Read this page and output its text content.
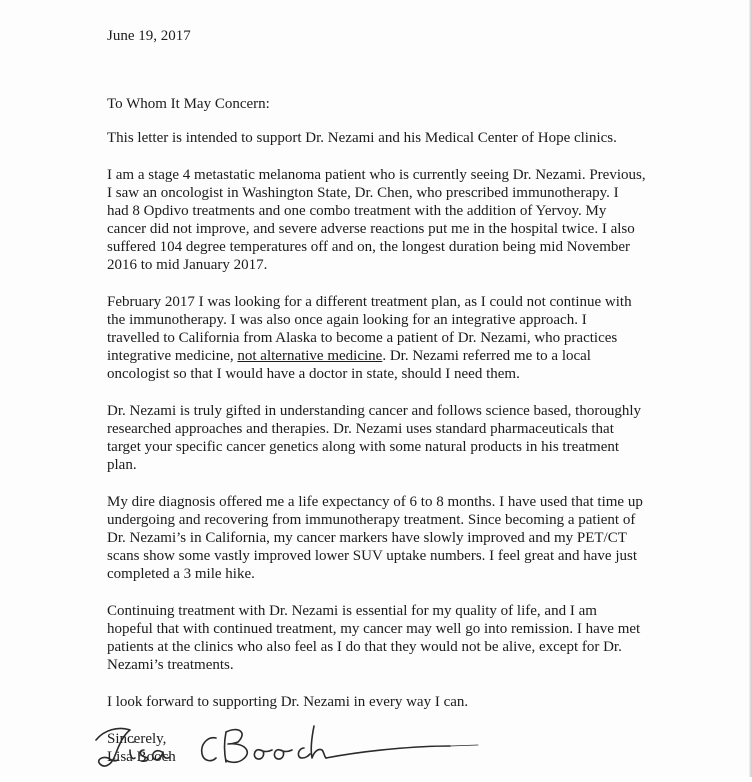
June 19, 2017

To Whom It May Concern:

This letter is intended to support Dr. Nezami and his Medical Center of Hope clinics.

I am a stage 4 metastatic melanoma patient who is currently seeing Dr. Nezami. Previous,
I saw an oncologist in Washington State, Dr. Chen, who prescribed immunotherapy. I
had 8 Opdivo treatments and one combo treatment with the addition of Yervoy. My
cancer did not improve, and severe adverse reactions put me in the hospital twice. I also
suffered 104 degree temperatures off and on, the longest duration being mid November
2016 to mid January 2017.

February 2017 I was looking for a different treatment plan, as I could not continue with
the immunotherapy. I was also once again looking for an integrative approach. I
travelled to California from Alaska to become a patient of Dr. Nezami, who practices
integrative medicine, not alternative medicine. Dr. Nezami referred me to a local
oncologist so that I would have a doctor in state, should I need them.

Dr. Nezami is truly gifted in understanding cancer and follows science based, thoroughly
researched approaches and therapies. Dr. Nezami uses standard pharmaceuticals that
target your specific cancer genetics along with some natural products in his treatment
plan.

My dire diagnosis offered me a life expectancy of 6 to 8 months. I have used that time up
undergoing and recovering from immunotherapy treatment. Since becoming a patient of
Dr. Nezami’s in California, my cancer markers have slowly improved and my PET/CT
scans show some vastly improved lower SUV uptake numbers. I feel great and have just
completed a 3 mile hike.

Continuing treatment with Dr. Nezami is essential for my quality of life, and I am
hopeful that with continued treatment, my cancer may well go into remission. I have met
patients at the clinics who also feel as I do that they would not be alive, except for Dr.
Nezami’s treatments.

I look forward to supporting Dr. Nezami in every way I can.

Sincerely,

Lisa Booch
